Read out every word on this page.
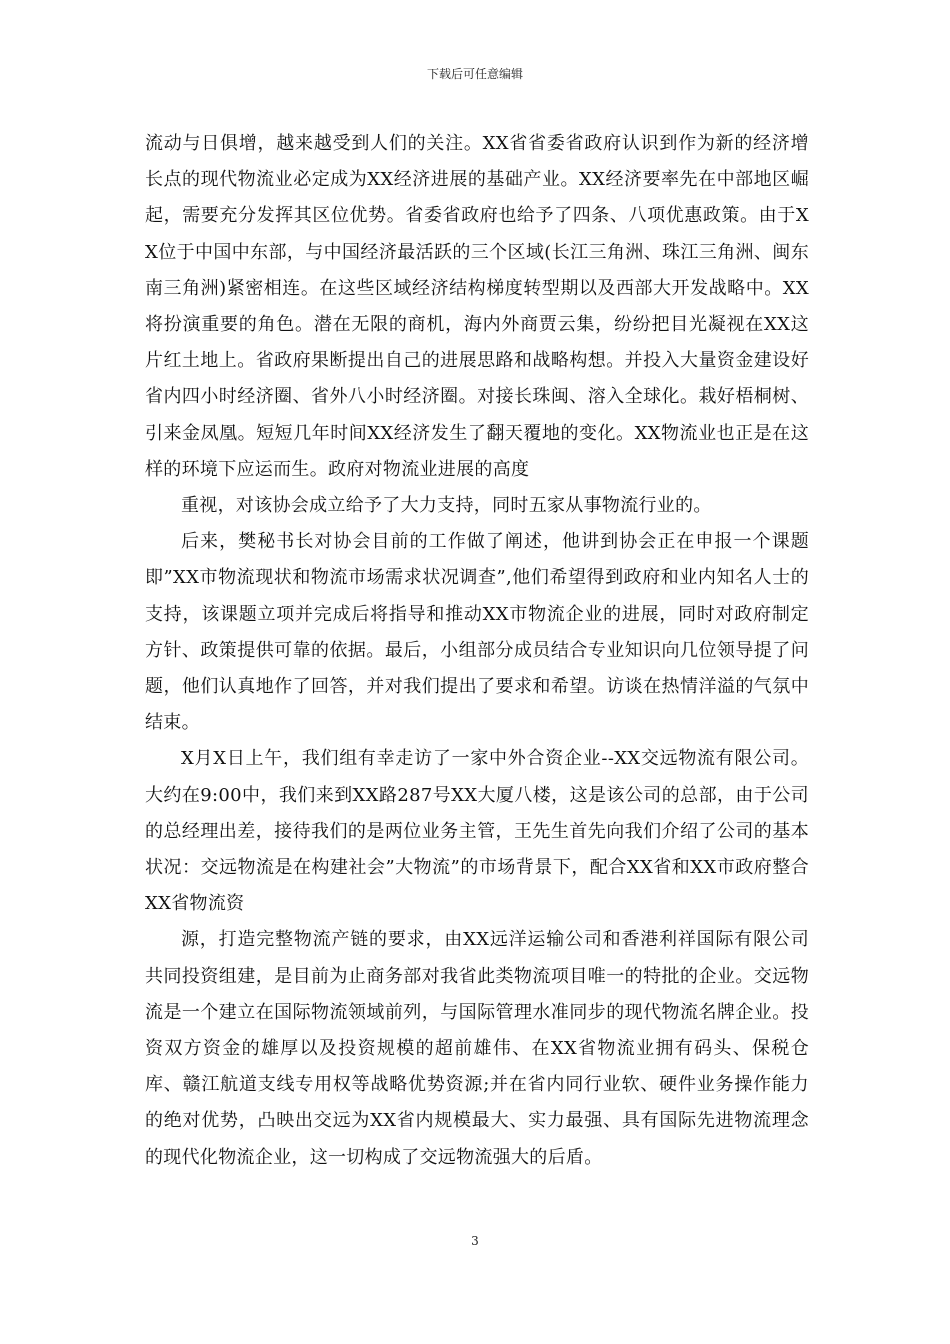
下载后可任意编辑

流动与日俱增，越来越受到人们的关注。XX省省委省政府认识到作为新的经济增长点的现代物流业必定成为XX经济进展的基础产业。XX经济要率先在中部地区崛起，需要充分发挥其区位优势。省委省政府也给予了四条、八项优惠政策。由于XX位于中国中东部，与中国经济最活跃的三个区域(长江三角洲、珠江三角洲、闽东南三角洲)紧密相连。在这些区域经济结构梯度转型期以及西部大开发战略中。XX将扮演重要的角色。潜在无限的商机，海内外商贾云集，纷纷把目光凝视在XX这片红土地上。省政府果断提出自己的进展思路和战略构想。并投入大量资金建设好省内四小时经济圈、省外八小时经济圈。对接长珠闽、溶入全球化。栽好梧桐树、引来金凤凰。短短几年时间XX经济发生了翻天覆地的变化。XX物流业也正是在这样的环境下应运而生。政府对物流业进展的高度

重视，对该协会成立给予了大力支持，同时五家从事物流行业的。

后来，樊秘书长对协会目前的工作做了阐述，他讲到协会正在申报一个课题即”XX市物流现状和物流市场需求状况调查”,他们希望得到政府和业内知名人士的支持，该课题立项并完成后将指导和推动XX市物流企业的进展，同时对政府制定方针、政策提供可靠的依据。最后，小组部分成员结合专业知识向几位领导提了问题，他们认真地作了回答，并对我们提出了要求和希望。访谈在热情洋溢的气氛中结束。

X月X日上午，我们组有幸走访了一家中外合资企业--XX交远物流有限公司。大约在9:00中，我们来到XX路287号XX大厦八楼，这是该公司的总部，由于公司的总经理出差，接待我们的是两位业务主管，王先生首先向我们介绍了公司的基本状况：交远物流是在构建社会”大物流”的市场背景下，配合XX省和XX市政府整合XX省物流资

源，打造完整物流产链的要求，由XX远洋运输公司和香港利祥国际有限公司共同投资组建，是目前为止商务部对我省此类物流项目唯一的特批的企业。交远物流是一个建立在国际物流领域前列，与国际管理水准同步的现代物流名牌企业。投资双方资金的雄厚以及投资规模的超前雄伟、在XX省物流业拥有码头、保税仓库、赣江航道支线专用权等战略优势资源;并在省内同行业软、硬件业务操作能力的绝对优势，凸映出交远为XX省内规模最大、实力最强、具有国际先进物流理念的现代化物流企业，这一切构成了交远物流强大的后盾。

3
